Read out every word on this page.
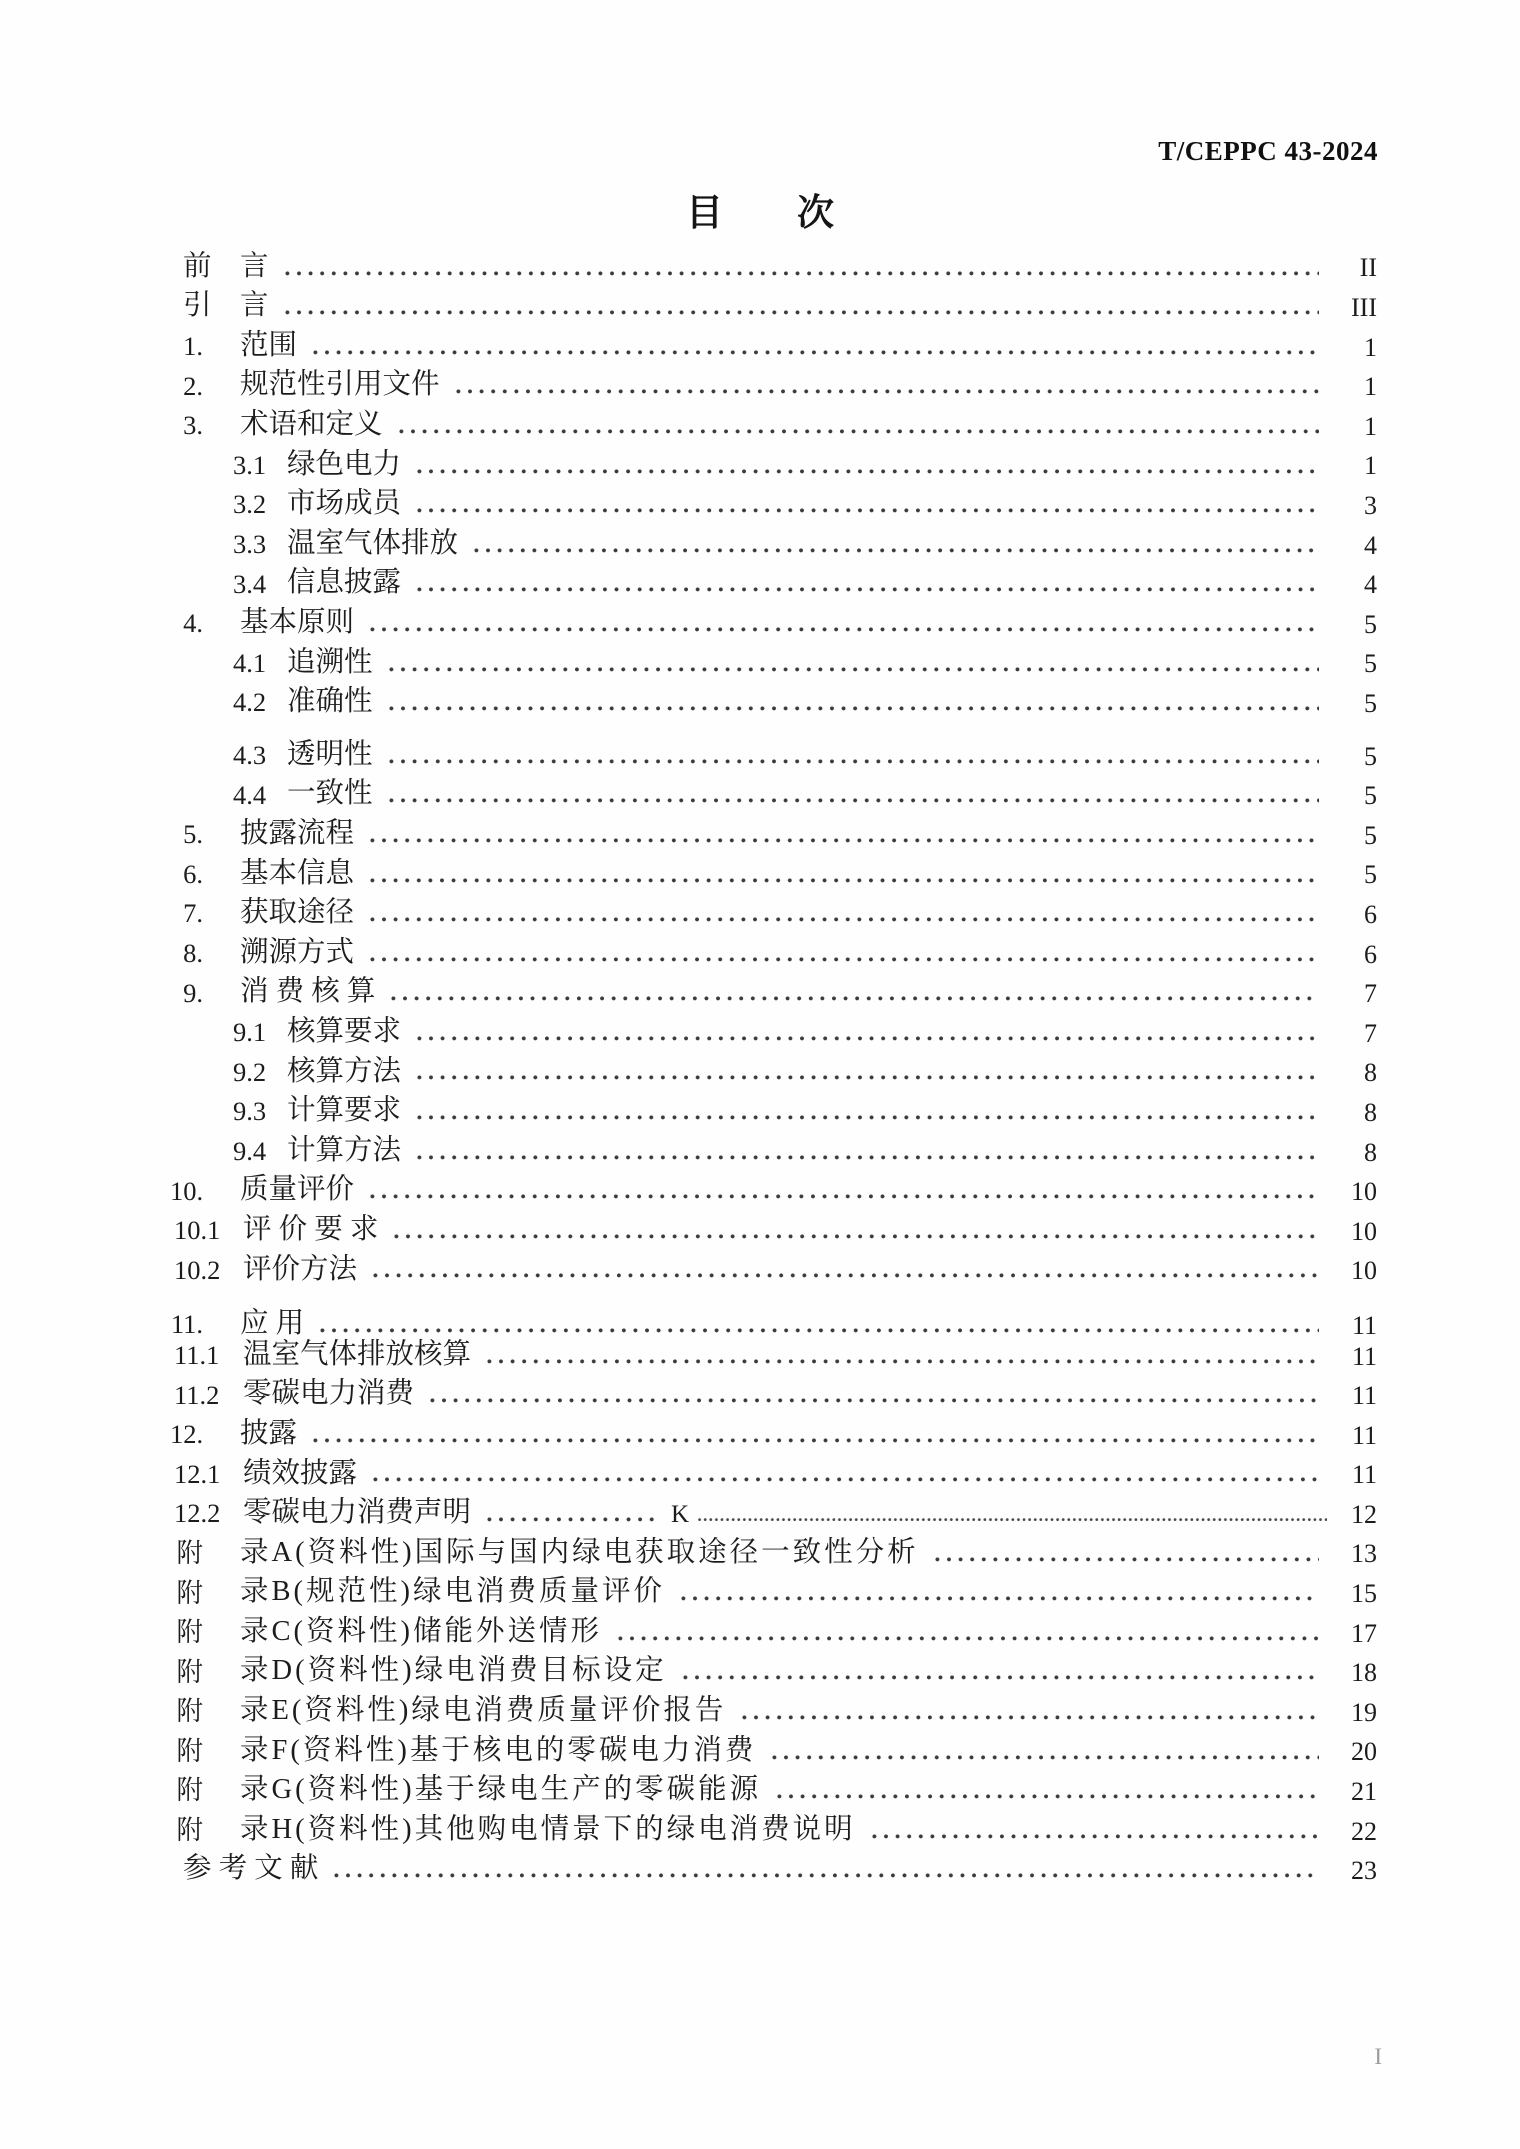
T/CEPPC 43-2024
目　　次
前　言	II
引　言	III
1. 范围	1
2. 规范性引用文件	1
3. 术语和定义	1
3.1 绿色电力	1
3.2 市场成员	3
3.3 温室气体排放	4
3.4 信息披露	4
4. 基本原则	5
4.1 追溯性	5
4.2 准确性	5
4.3 透明性	5
4.4 一致性	5
5. 披露流程	5
6. 基本信息	5
7. 获取途径	6
8. 溯源方式	6
9. 消 费 核 算	7
9.1 核算要求	7
9.2 核算方法	8
9.3 计算要求	8
9.4 计算方法	8
10. 质量评价	10
10.1 评 价 要 求	10
10.2 评价方法	10
11. 应 用	11
11.1 温室气体排放核算	11
11.2 零碳电力消费	11
12. 披露	11
12.1 绩效披露	11
12.2 零碳电力消费声明	K	12
附 录A(资料性)国际与国内绿电获取途径一致性分析	13
附 录B(规范性)绿电消费质量评价	15
附 录C(资料性)储能外送情形	17
附 录D(资料性)绿电消费目标设定	18
附 录E(资料性)绿电消费质量评价报告	19
附 录F(资料性)基于核电的零碳电力消费	20
附 录G(资料性)基于绿电生产的零碳能源	21
附 录H(资料性)其他购电情景下的绿电消费说明	22
参 考 文 献	23
I
